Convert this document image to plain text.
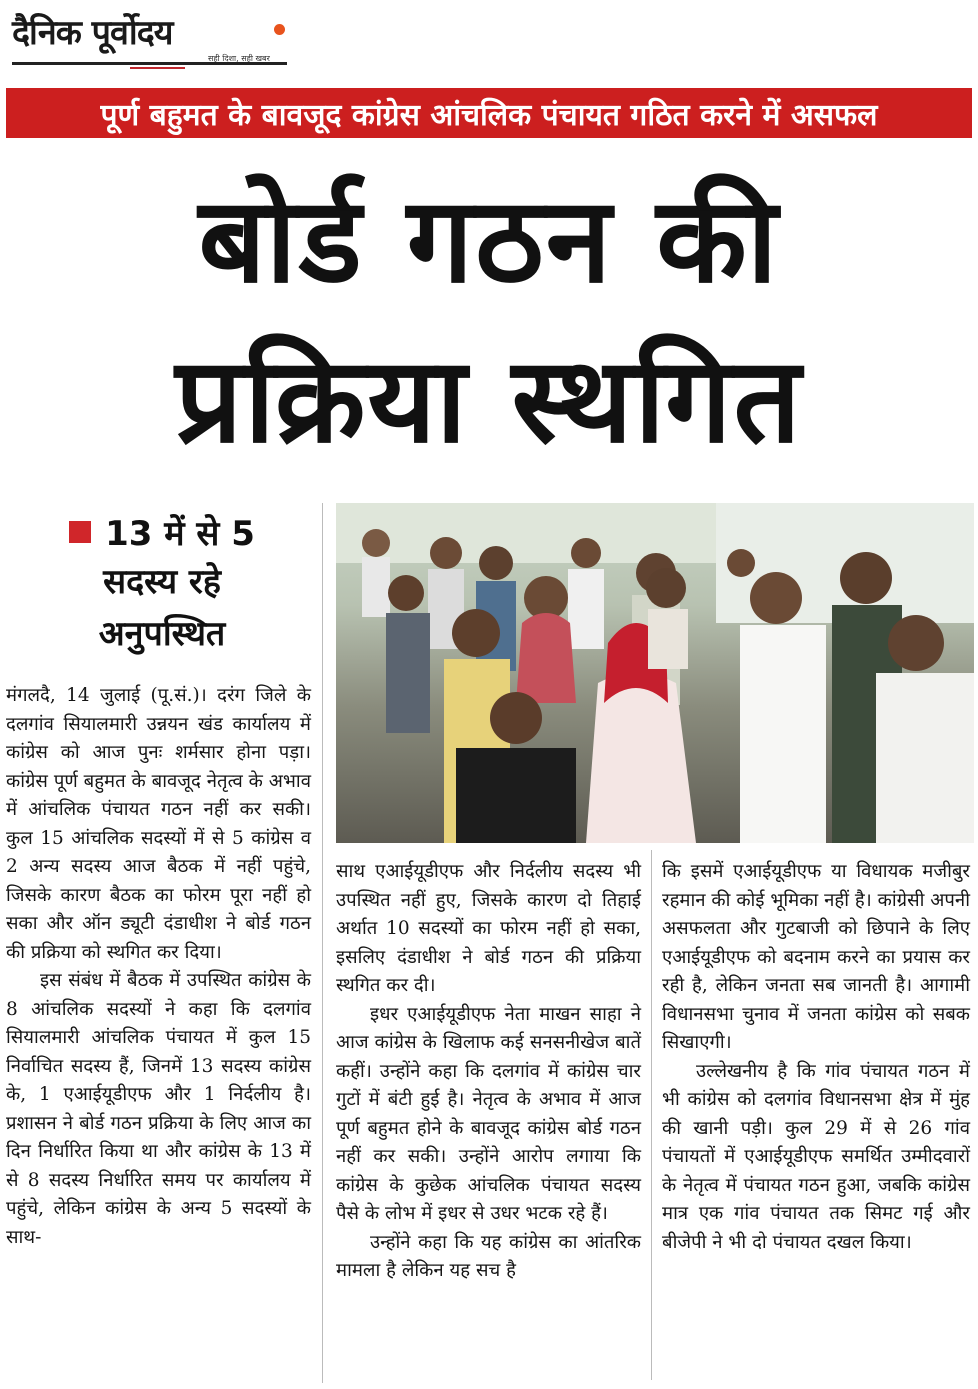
दैनिक पूर्वोदय
सही दिशा, सही खबर
पूर्ण बहुमत के बावजूद कांग्रेस आंचलिक पंचायत गठित करने में असफल
बोर्ड गठन की
प्रक्रिया स्थगित
13 में से 5
सदस्य रहे
अनुपस्थित

मंगलदै, 14 जुलाई (पू.सं.)। दरंग जिले के दलगांव सियालमारी उन्नयन खंड कार्यालय में कांग्रेस को आज पुनः शर्मसार होना पड़ा। कांग्रेस पूर्ण बहुमत के बावजूद नेतृत्व के अभाव में आंचलिक पंचायत गठन नहीं कर सकी। कुल 15 आंचलिक सदस्यों में से 5 कांग्रेस व 2 अन्य सदस्य आज बैठक में नहीं पहुंचे, जिसके कारण बैठक का फोरम पूरा नहीं हो सका और ऑन ड्यूटी दंडाधीश ने बोर्ड गठन की प्रक्रिया को स्थगित कर दिया।

इस संबंध में बैठक में उपस्थित कांग्रेस के 8 आंचलिक सदस्यों ने कहा कि दलगांव सियालमारी आंचलिक पंचायत में कुल 15 निर्वाचित सदस्य हैं, जिनमें 13 सदस्य कांग्रेस के, 1 एआईयूडीएफ और 1 निर्दलीय है। प्रशासन ने बोर्ड गठन प्रक्रिया के लिए आज का दिन निर्धारित किया था और कांग्रेस के 13 में से 8 सदस्य निर्धारित समय पर कार्यालय में पहुंचे, लेकिन कांग्रेस के अन्य 5 सदस्यों के साथ-

साथ एआईयूडीएफ और निर्दलीय सदस्य भी उपस्थित नहीं हुए, जिसके कारण दो तिहाई अर्थात 10 सदस्यों का फोरम नहीं हो सका, इसलिए दंडाधीश ने बोर्ड गठन की प्रक्रिया स्थगित कर दी।

इधर एआईयूडीएफ नेता माखन साहा ने आज कांग्रेस के खिलाफ कई सनसनीखेज बातें कहीं। उन्होंने कहा कि दलगांव में कांग्रेस चार गुटों में बंटी हुई है। नेतृत्व के अभाव में आज पूर्ण बहुमत होने के बावजूद कांग्रेस बोर्ड गठन नहीं कर सकी। उन्होंने आरोप लगाया कि कांग्रेस के कुछेक आंचलिक पंचायत सदस्य पैसे के लोभ में इधर से उधर भटक रहे हैं।

उन्होंने कहा कि यह कांग्रेस का आंतरिक मामला है लेकिन यह सच है

कि इसमें एआईयूडीएफ या विधायक मजीबुर रहमान की कोई भूमिका नहीं है। कांग्रेसी अपनी असफलता और गुटबाजी को छिपाने के लिए एआईयूडीएफ को बदनाम करने का प्रयास कर रही है, लेकिन जनता सब जानती है। आगामी विधानसभा चुनाव में जनता कांग्रेस को सबक सिखाएगी।

उल्लेखनीय है कि गांव पंचायत गठन में भी कांग्रेस को दलगांव विधानसभा क्षेत्र में मुंह की खानी पड़ी। कुल 29 में से 26 गांव पंचायतों में एआईयूडीएफ समर्थित उम्मीदवारों के नेतृत्व में पंचायत गठन हुआ, जबकि कांग्रेस मात्र एक गांव पंचायत तक सिमट गई और बीजेपी ने भी दो पंचायत दखल किया।
